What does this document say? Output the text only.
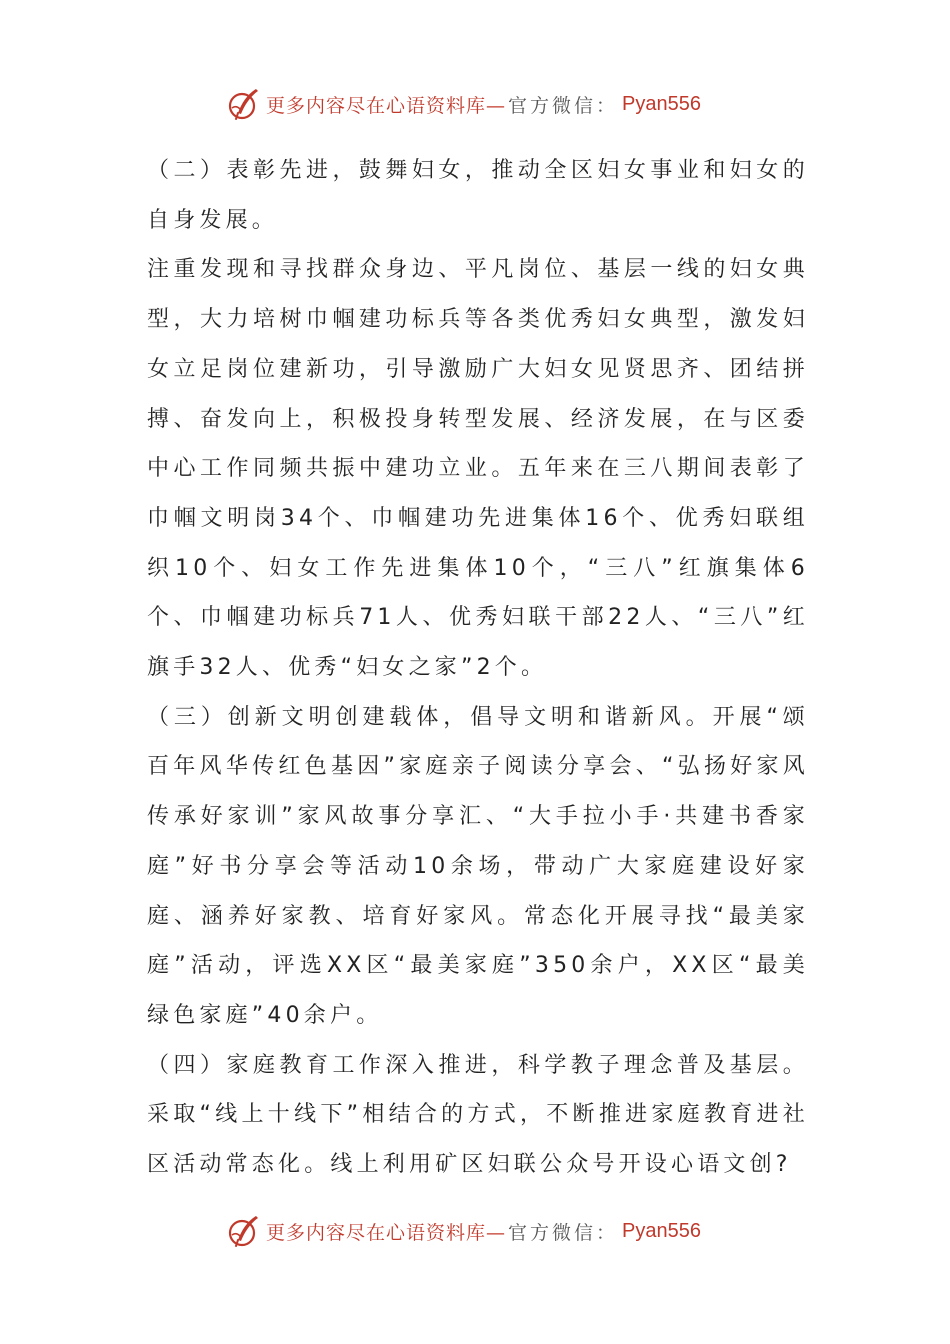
更多内容尽在心语资料库— 官方微信： Pyan556

（二）表彰先进，鼓舞妇女，推动全区妇女事业和妇女的自身发展。

注重发现和寻找群众身边、平凡岗位、基层一线的妇女典型，大力培树巾帼建功标兵等各类优秀妇女典型，激发妇女立足岗位建新功，引导激励广大妇女见贤思齐、团结拼搏、奋发向上，积极投身转型发展、经济发展，在与区委中心工作同频共振中建功立业。五年来在三八期间表彰了巾帼文明岗34个、巾帼建功先进集体16个、优秀妇联组织10个、妇女工作先进集体10个，“三八”红旗集体6个、巾帼建功标兵71人、优秀妇联干部22人、“三八”红旗手32人、优秀“妇女之家”2个。

（三）创新文明创建载体，倡导文明和谐新风。开展“颂百年风华传红色基因”家庭亲子阅读分享会、“弘扬好家风传承好家训”家风故事分享汇、“大手拉小手·共建书香家庭”好书分享会等活动10余场，带动广大家庭建设好家庭、涵养好家教、培育好家风。常态化开展寻找“最美家庭”活动，评选XX区“最美家庭”350余户，XX区“最美绿色家庭”40余户。

（四）家庭教育工作深入推进，科学教子理念普及基层。采取“线上十线下”相结合的方式，不断推进家庭教育进社区活动常态化。线上利用矿区妇联公众号开设心语文创?

更多内容尽在心语资料库— 官方微信： Pyan556
